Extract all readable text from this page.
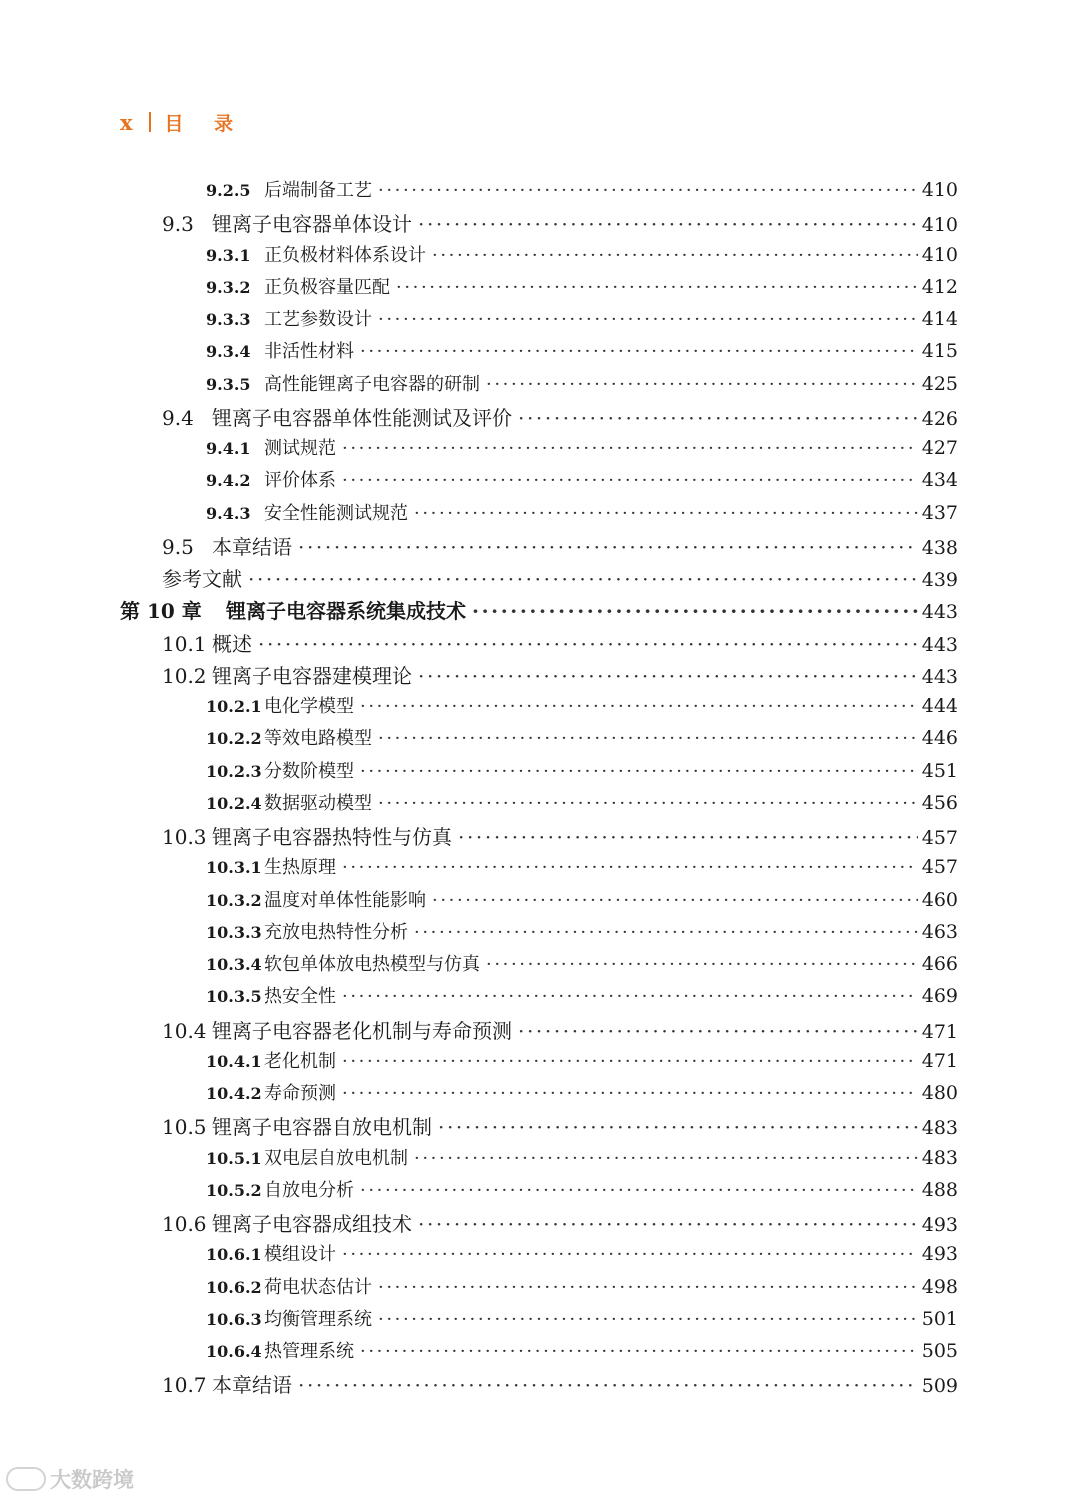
x 目 录
9.2.5 后端制备工艺 ·····	410
9.3 锂离子电容器单体设计 ·····	410
9.3.1 正负极材料体系设计 ·····	410
9.3.2 正负极容量匹配 ·····	412
9.3.3 工艺参数设计 ·····	414
9.3.4 非活性材料 ·····	415
9.3.5 高性能锂离子电容器的研制 ·····	425
9.4 锂离子电容器单体性能测试及评价 ·····	426
9.4.1 测试规范 ·····	427
9.4.2 评价体系 ·····	434
9.4.3 安全性能测试规范 ·····	437
9.5 本章结语 ·····	438
参考文献 ·····	439
第 10 章	锂离子电容器系统集成技术 ·····	443
10.1 概述 ·····	443
10.2 锂离子电容器建模理论 ·····	443
10.2.1 电化学模型 ·····	444
10.2.2 等效电路模型 ·····	446
10.2.3 分数阶模型 ·····	451
10.2.4 数据驱动模型 ·····	456
10.3 锂离子电容器热特性与仿真 ·····	457
10.3.1 生热原理 ·····	457
10.3.2 温度对单体性能影响 ·····	460
10.3.3 充放电热特性分析 ·····	463
10.3.4 软包单体放电热模型与仿真 ·····	466
10.3.5 热安全性 ·····	469
10.4 锂离子电容器老化机制与寿命预测 ·····	471
10.4.1 老化机制 ·····	471
10.4.2 寿命预测 ·····	480
10.5 锂离子电容器自放电机制 ·····	483
10.5.1 双电层自放电机制 ·····	483
10.5.2 自放电分析 ·····	488
10.6 锂离子电容器成组技术 ·····	493
10.6.1 模组设计 ·····	493
10.6.2 荷电状态估计 ·····	498
10.6.3 均衡管理系统 ·····	501
10.6.4 热管理系统 ·····	505
10.7 本章结语 ·····	509
大数跨境
